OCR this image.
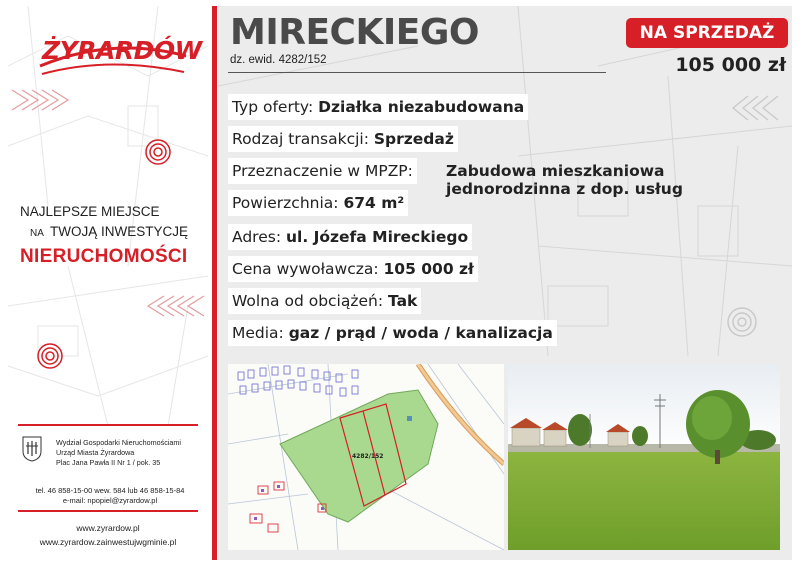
ŻYRARDÓW
NAJLEPSZE MIEJSCE
NA TWOJĄ INWESTYCJĘ
NIERUCHOMOŚCI
Wydział Gospodarki Nieruchomościami
Urząd Miasta Żyrardowa
Plac Jana Pawła II Nr 1 / pok. 35
tel. 46 858-15-00 wew. 584 lub 46 858-15-84
e-mail: npopiel@zyrardow.pl
www.zyrardow.pl
www.zyrardow.zainwestujwgminie.pl
MIRECKIEGO
dz. ewid. 4282/152
NA SPRZEDAŻ
105 000 zł
Typ oferty: Działka niezabudowana
Rodzaj transakcji: Sprzedaż
Przeznaczenie w MPZP: Zabudowa mieszkaniowa
jednorodzinna z dop. usług
Powierzchnia: 674 m²
Adres: ul. Józefa Mireckiego
Cena wywoławcza: 105 000 zł
Wolna od obciążeń: Tak
Media: gaz / prąd / woda / kanalizacja
4282/152
